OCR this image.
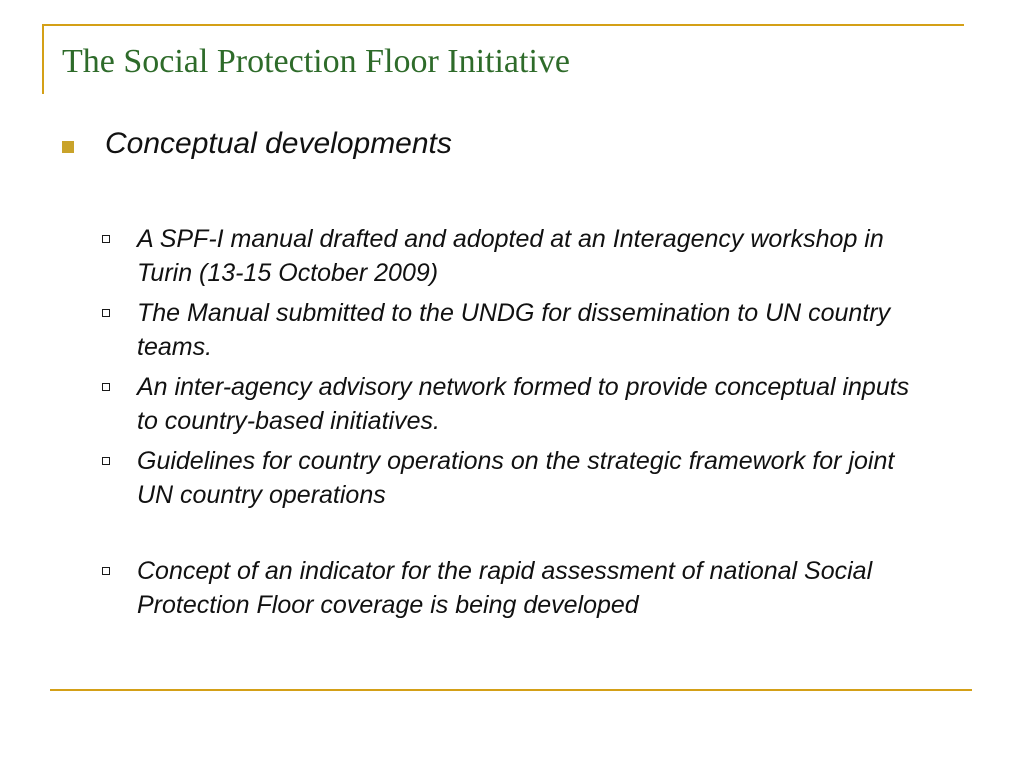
The Social Protection Floor Initiative
Conceptual developments
A SPF-I manual drafted and adopted at an Interagency workshop in Turin (13-15 October 2009)
The Manual submitted to the UNDG for dissemination to UN country teams.
An inter-agency advisory network formed to provide conceptual inputs to country-based initiatives.
Guidelines for country operations on the strategic framework for joint UN country operations
Concept of an indicator for the rapid assessment of national Social Protection Floor coverage is being developed
